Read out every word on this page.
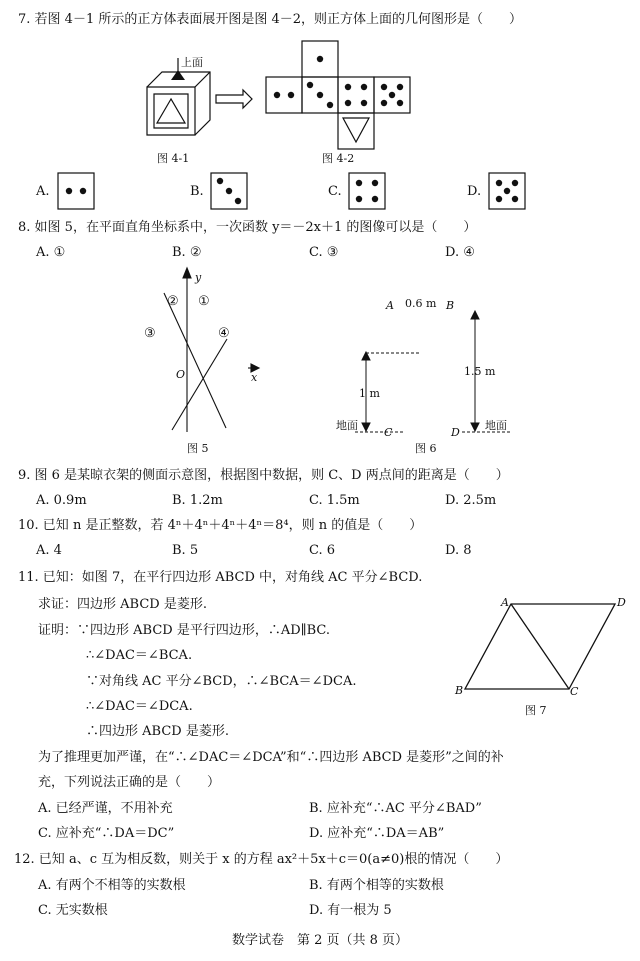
7. 若图 4－1 所示的正方体表面展开图是图 4－2，则正方体上面的几何图形是（　　）
上面
图 4-1	图 4-2
A.	B.	C.	D.
8. 如图 5，在平面直角坐标系中，一次函数 y＝－2x＋1 的图像可以是（　　）
A. ①	B. ②	C. ③	D. ④
y
② ①
③	④
O	x
图 5
A 0.6 m B
1 m
1.5 m
地面
C	D
地面
图 6
9. 图 6 是某晾衣架的侧面示意图，根据图中数据，则 C、D 两点间的距离是（　　）
A. 0.9m	B. 1.2m	C. 1.5m	D. 2.5m
10. 已知 n 是正整数，若 4ⁿ＋4ⁿ＋4ⁿ＋4ⁿ＝8⁴，则 n 的值是（　　）
A. 4	B. 5	C. 6	D. 8
11. 已知：如图 7，在平行四边形 ABCD 中，对角线 AC 平分∠BCD.
求证：四边形 ABCD 是菱形.
证明：∵四边形 ABCD 是平行四边形，∴AD∥BC.
∴∠DAC＝∠BCA.
∵对角线 AC 平分∠BCD，∴∠BCA＝∠DCA.
∴∠DAC＝∠DCA.
∴四边形 ABCD 是菱形.
为了推理更加严谨，在“∴∠DAC＝∠DCA”和“∴四边形 ABCD 是菱形”之间的补
充，下列说法正确的是（　　）
A. 已经严谨，不用补充	B. 应补充“∴AC 平分∠BAD”
C. 应补充“∴DA＝DC”	D. 应补充“∴DA＝AB”
A	D
B	C
图 7
12. 已知 a、c 互为相反数，则关于 x 的方程 ax²＋5x＋c＝0(a≠0)根的情况（　　）
A. 有两个不相等的实数根	B. 有两个相等的实数根
C. 无实数根	D. 有一根为 5
数学试卷　第 2 页（共 8 页）
